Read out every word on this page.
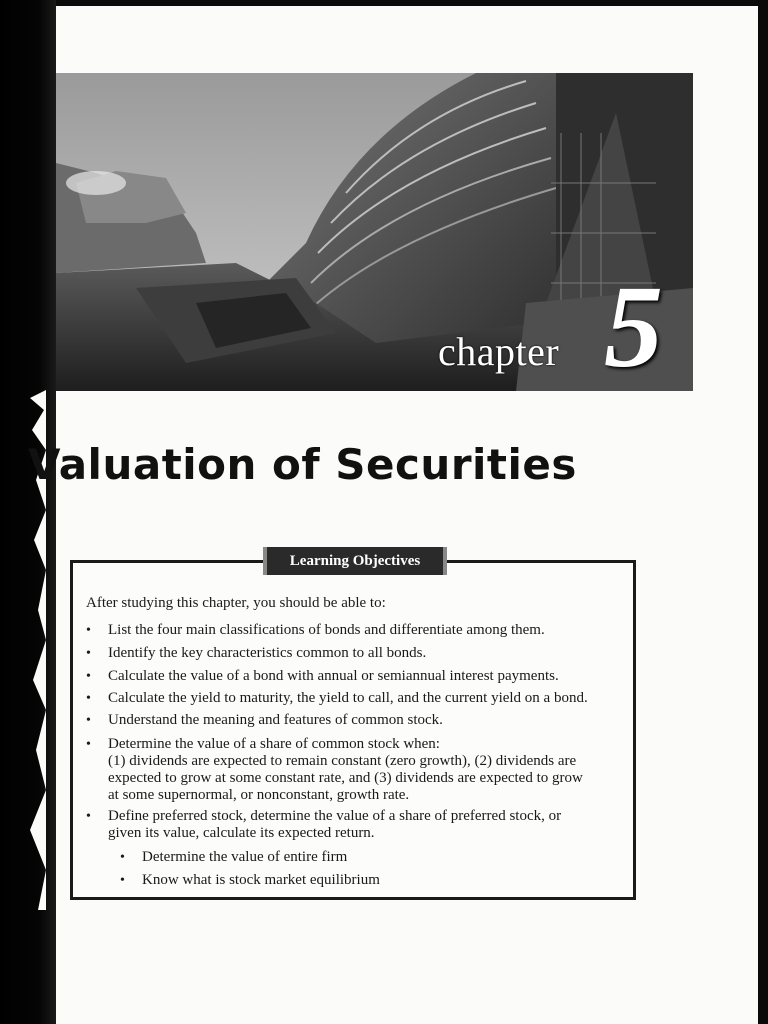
chapter 5
Valuation of Securities
Learning Objectives
After studying this chapter, you should be able to:
• List the four main classifications of bonds and differentiate among them.
• Identify the key characteristics common to all bonds.
• Calculate the value of a bond with annual or semiannual interest payments.
• Calculate the yield to maturity, the yield to call, and the current yield on a bond.
• Understand the meaning and features of common stock.
• Determine the value of a share of common stock when:
(1) dividends are expected to remain constant (zero growth), (2) dividends are
expected to grow at some constant rate, and (3) dividends are expected to grow
at some supernormal, or nonconstant, growth rate.
• Define preferred stock, determine the value of a share of preferred stock, or
given its value, calculate its expected return.
• Determine the value of entire firm
• Know what is stock market equilibrium
